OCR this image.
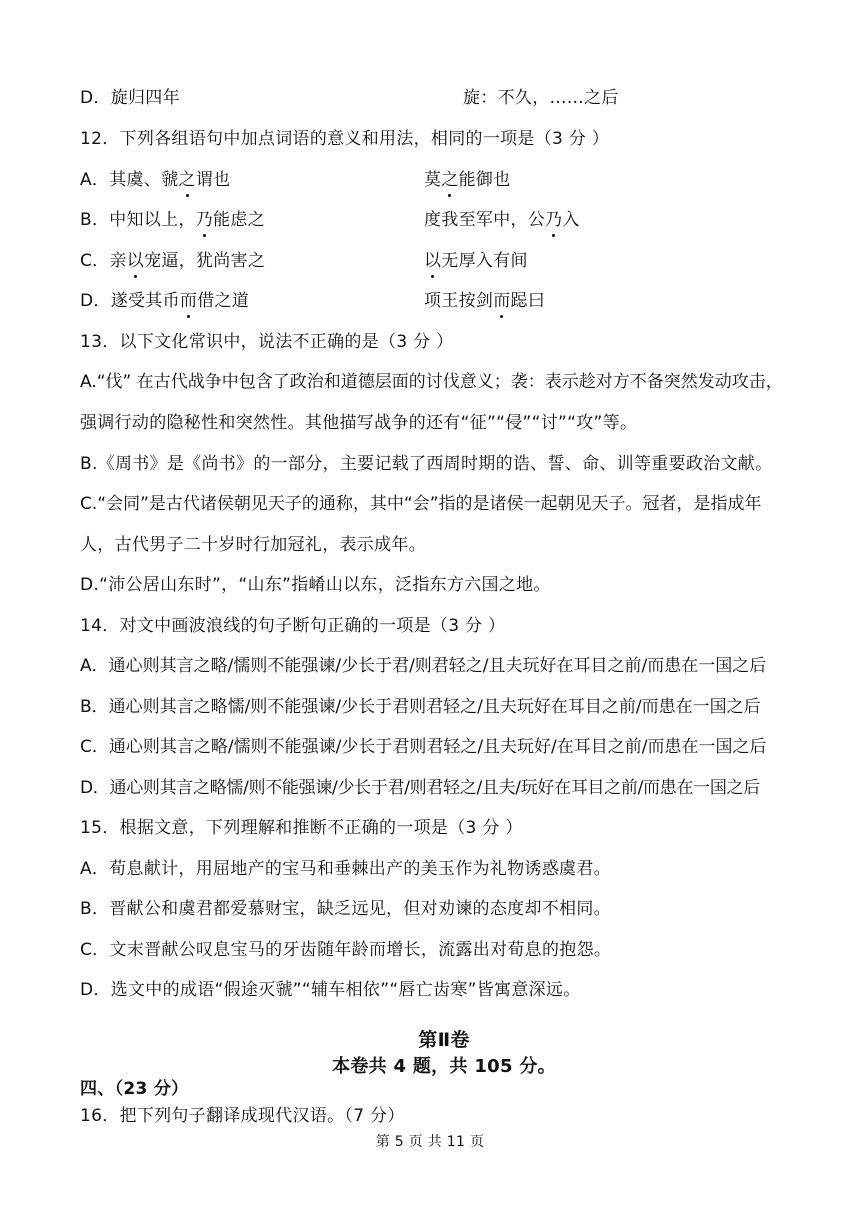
D．旋归四年	旋：不久，……之后
12．下列各组语句中加点词语的意义和用法，相同的一项是（3 分 ）
A．其虞、虢之谓也	莫之能御也
B．中知以上，乃能虑之	度我至军中，公乃入
C．亲以宠逼，犹尚害之	以无厚入有间
D．遂受其币而借之道	项王按剑而跽曰
13．以下文化常识中，说法不正确的是（3 分 ）
A.“伐” 在古代战争中包含了政治和道德层面的讨伐意义；袭：表示趁对方不备突然发动攻击，
强调行动的隐秘性和突然性。其他描写战争的还有“征”“侵”“讨”“攻”等。
B.《周书》是《尚书》的一部分，主要记载了西周时期的诰、誓、命、训等重要政治文献。
C.“会同”是古代诸侯朝见天子的通称，其中“会”指的是诸侯一起朝见天子。冠者，是指成年
人，古代男子二十岁时行加冠礼，表示成年。
D.“沛公居山东时”，“山东”指崤山以东，泛指东方六国之地。
14．对文中画波浪线的句子断句正确的一项是（3 分 ）
A．通心则其言之略/懦则不能强谏/少长于君/则君轻之/且夫玩好在耳目之前/而患在一国之后
B．通心则其言之略懦/则不能强谏/少长于君则君轻之/且夫玩好在耳目之前/而患在一国之后
C．通心则其言之略/懦则不能强谏/少长于君则君轻之/且夫玩好/在耳目之前/而患在一国之后
D．通心则其言之略懦/则不能强谏/少长于君/则君轻之/且夫/玩好在耳目之前/而患在一国之后
15．根据文意，下列理解和推断不正确的一项是（3 分 ）
A．荀息献计，用屈地产的宝马和垂棘出产的美玉作为礼物诱惑虞君。
B．晋献公和虞君都爱慕财宝，缺乏远见，但对劝谏的态度却不相同。
C．文末晋献公叹息宝马的牙齿随年龄而增长，流露出对荀息的抱怨。
D．选文中的成语“假途灭虢”“辅车相依”“唇亡齿寒”皆寓意深远。
第Ⅱ卷
本卷共 4 题，共 105 分。
四、（23 分）
16．把下列句子翻译成现代汉语。（7 分）
第 5 页 共 11 页
